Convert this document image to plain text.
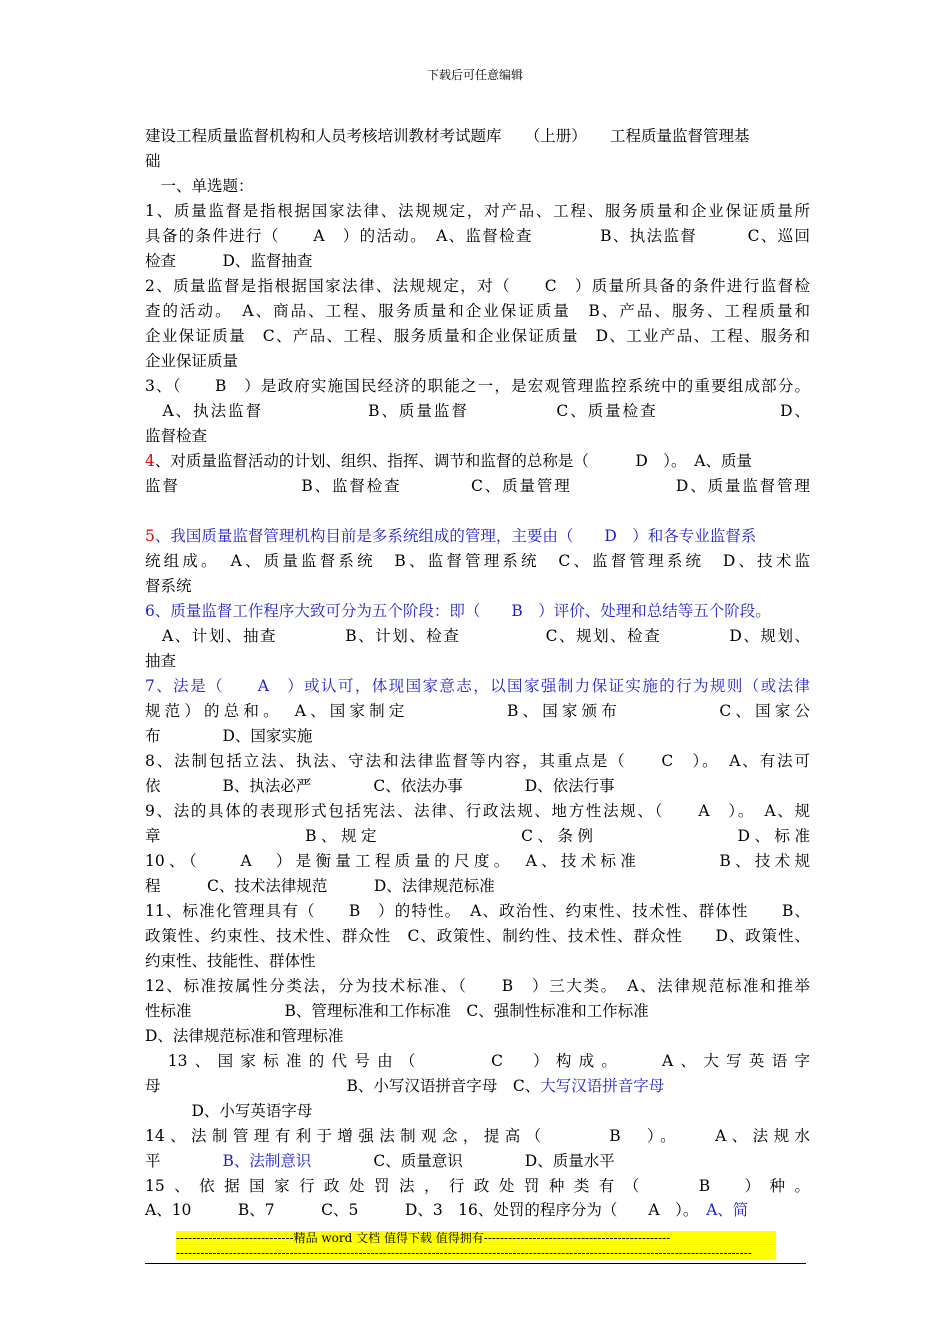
下载后可任意编辑
建设工程质量监督机构和人员考核培训教材考试题库　　（上册）　　工程质量监督管理基
础
　一、单选题：
1、质量监督是指根据国家法律、法规规定，对产品、工程、服务质量和企业保证质量所
具备的条件进行（　　A　）的活动。　A、监督检查　　　　B、执法监督　　　C、巡回
检查　　　D、监督抽查
2、质量监督是指根据国家法律、法规规定，对（　　C　）质量所具备的条件进行监督检
查的活动。　A、商品、工程、服务质量和企业保证质量　B、产品、服务、工程质量和
企业保证质量　C、产品、工程、服务质量和企业保证质量　D、工业产品、工程、服务和
企业保证质量
3、（　　B　）是政府实施国民经济的职能之一，是宏观管理监控系统中的重要组成部分。
　A、执法监督　　　　　　B、质量监督　　　　　C、质量检查　　　　　　　D、
监督检查
4、对质量监督活动的计划、组织、指挥、调节和监督的总称是（　　　D　）。　A、质量
监督　　　　　　　B、监督检查　　　　C、质量管理　　　　　　D、质量监督管理
5、我国质量监督管理机构目前是多系统组成的管理，主要由（　　D　）和各专业监督系
统组成。　A、质量监督系统　B、监督管理系统　C、监督管理系统　D、技术监
督系统
6、质量监督工作程序大致可分为五个阶段：即（　　B　）评价、处理和总结等五个阶段。
　A、计划、抽查　　　　B、计划、检查　　　　　C、规划、检查　　　　D、规划、
抽查
7、法是（　　A　）或认可，体现国家意志，以国家强制力保证实施的行为规则（或法律
规范）的总和。　A、国家制定　　　　　B、国家颁布　　　　　C、国家公
布　　　　D、国家实施
8、法制包括立法、执法、守法和法律监督等内容，其重点是（　　C　）。　A、有法可
依　　　　B、执法必严　　　　C、依法办事　　　　D、依法行事
9、法的具体的表现形式包括宪法、法律、行政法规、地方性法规、（　　A　）。　A、规
章　　　　　　　B、规定　　　　　　　C、条例　　　　　　　D、标准
10、（　　A　）是衡量工程质量的尺度。　A、技术标准　　　　B、技术规
程　　　C、技术法律规范　　　D、法律规范标准
11、标准化管理具有（　　B　）的特性。　A、政治性、约束性、技术性、群体性　　B、
政策性、约束性、技术性、群众性　C、政策性、制约性、技术性、群众性　　D、政策性、
约束性、技能性、群体性
12、标准按属性分类法，分为技术标准、（　　B　）三大类。　A、法律规范标准和推举
性标准　　　　　　B、管理标准和工作标准　C、强制性标准和工作标准
D、法律规范标准和管理标准
　13、国家标准的代号由（　　　C　）构成。　　A、大写英语字
母　　　　　　　　　　　　B、小写汉语拼音字母　C、大写汉语拼音字母
　　　D、小写英语字母
14、法制管理有利于增强法制观念，提高（　　　B　）。　　A、法规水
平　　　　B、法制意识　　　　C、质量意识　　　　D、质量水平
15、依据国家行政处罚法，行政处罚种类有（　　B　）种。
A、10　　　B、7　　　C、5　　　D、3　16、处罚的程序分为（　　A　）。　A、简
-----------------------------精品 word 文档 值得下载 值得拥有----------------------------------------------
----------------------------------------------------------------------------------------------------------------------------------------------
